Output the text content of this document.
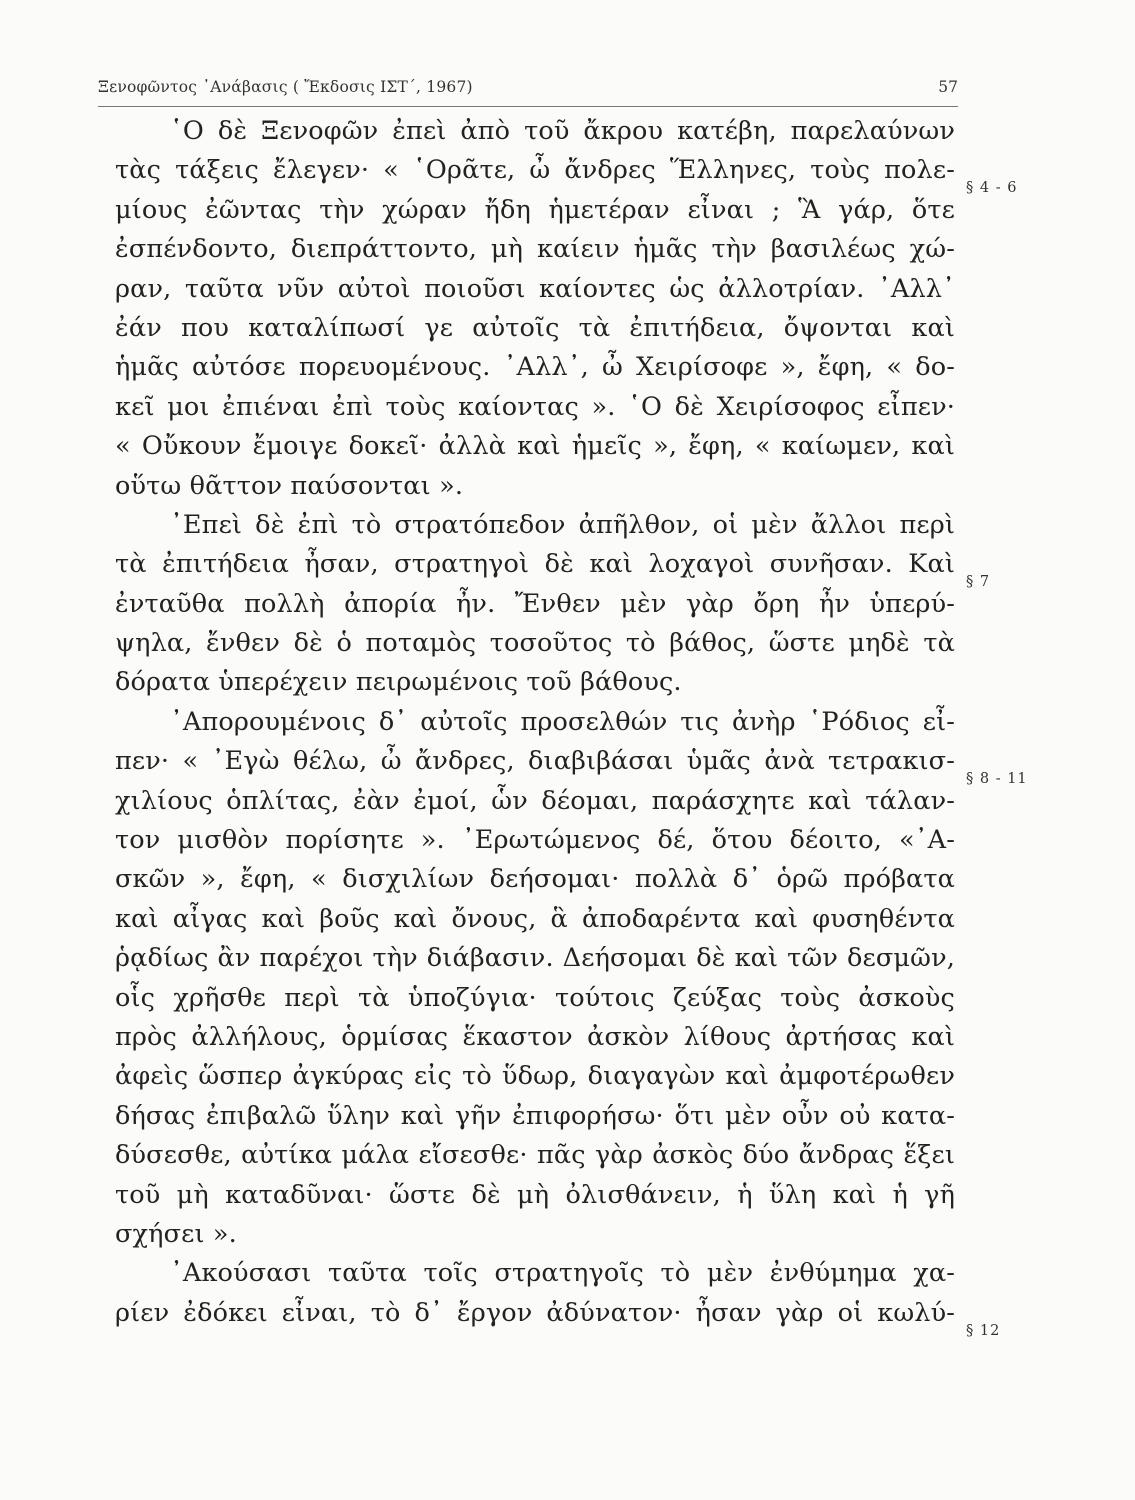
Ξενοφῶντος ᾿Ανάβασις ( Ἔκδοσις ΙΣΤ΄, 1967)	57
§ 4 - 6
§ 7
§ 8 - 11
§ 12
῾Ο δὲ Ξενοφῶν ἐπεὶ ἀπὸ τοῦ ἄκρου κατέβη, παρελαύνων
τὰς τάξεις ἔλεγεν· « ῾Ορᾶτε, ὦ ἄνδρες Ἕλληνες, τοὺς πολε-
μίους ἐῶντας τὴν χώραν ἤδη ἡμετέραν εἶναι ; Ἃ γάρ, ὅτε
ἐσπένδοντο, διεπράττοντο, μὴ καίειν ἡμᾶς τὴν βασιλέως χώ-
ραν, ταῦτα νῦν αὐτοὶ ποιοῦσι καίοντες ὡς ἀλλοτρίαν. ᾿Αλλ᾿
ἐάν που καταλίπωσί γε αὐτοῖς τὰ ἐπιτήδεια, ὄψονται καὶ
ἡμᾶς αὐτόσε πορευομένους. ᾿Αλλ᾿, ὦ Χειρίσοφε », ἔφη, « δο-
κεῖ μοι ἐπιέναι ἐπὶ τοὺς καίοντας ». ῾Ο δὲ Χειρίσοφος εἶπεν·
« Οὔκουν ἔμοιγε δοκεῖ· ἀλλὰ καὶ ἡμεῖς », ἔφη, « καίωμεν, καὶ
οὕτω θᾶττον παύσονται ».
᾿Επεὶ δὲ ἐπὶ τὸ στρατόπεδον ἀπῆλθον, οἱ μὲν ἄλλοι περὶ
τὰ ἐπιτήδεια ἦσαν, στρατηγοὶ δὲ καὶ λοχαγοὶ συνῆσαν. Καὶ
ἐνταῦθα πολλὴ ἀπορία ἦν. Ἔνθεν μὲν γὰρ ὄρη ἦν ὑπερύ-
ψηλα, ἔνθεν δὲ ὁ ποταμὸς τοσοῦτος τὸ βάθος, ὥστε μηδὲ τὰ
δόρατα ὑπερέχειν πειρωμένοις τοῦ βάθους.
᾿Απορουμένοις δ᾿ αὐτοῖς προσελθών τις ἀνὴρ ῾Ρόδιος εἶ-
πεν· « ᾿Εγὼ θέλω, ὦ ἄνδρες, διαβιβάσαι ὑμᾶς ἀνὰ τετρακισ-
χιλίους ὁπλίτας, ἐὰν ἐμοί, ὧν δέομαι, παράσχητε καὶ τάλαν-
τον μισθὸν πορίσητε ». ᾿Ερωτώμενος δέ, ὅτου δέοιτο, «᾿Α-
σκῶν », ἔφη, « δισχιλίων δεήσομαι· πολλὰ δ᾿ ὁρῶ πρόβατα
καὶ αἶγας καὶ βοῦς καὶ ὄνους, ἃ ἀποδαρέντα καὶ φυσηθέντα
ῥᾳδίως ἂν παρέχοι τὴν διάβασιν. Δεήσομαι δὲ καὶ τῶν δεσμῶν,
οἷς χρῆσθε περὶ τὰ ὑποζύγια· τούτοις ζεύξας τοὺς ἀσκοὺς
πρὸς ἀλλήλους, ὁρμίσας ἕκαστον ἀσκὸν λίθους ἀρτήσας καὶ
ἀφεὶς ὥσπερ ἀγκύρας εἰς τὸ ὕδωρ, διαγαγὼν καὶ ἀμφοτέρωθεν
δήσας ἐπιβαλῶ ὕλην καὶ γῆν ἐπιφορήσω· ὅτι μὲν οὖν οὐ κατα-
δύσεσθε, αὐτίκα μάλα εἴσεσθε· πᾶς γὰρ ἀσκὸς δύο ἄνδρας ἕξει
τοῦ μὴ καταδῦναι· ὥστε δὲ μὴ ὀλισθάνειν, ἡ ὕλη καὶ ἡ γῆ
σχήσει ».
᾿Ακούσασι ταῦτα τοῖς στρατηγοῖς τὸ μὲν ἐνθύμημα χα-
ρίεν ἐδόκει εἶναι, τὸ δ᾿ ἔργον ἀδύνατον· ἦσαν γὰρ οἱ κωλύ-
